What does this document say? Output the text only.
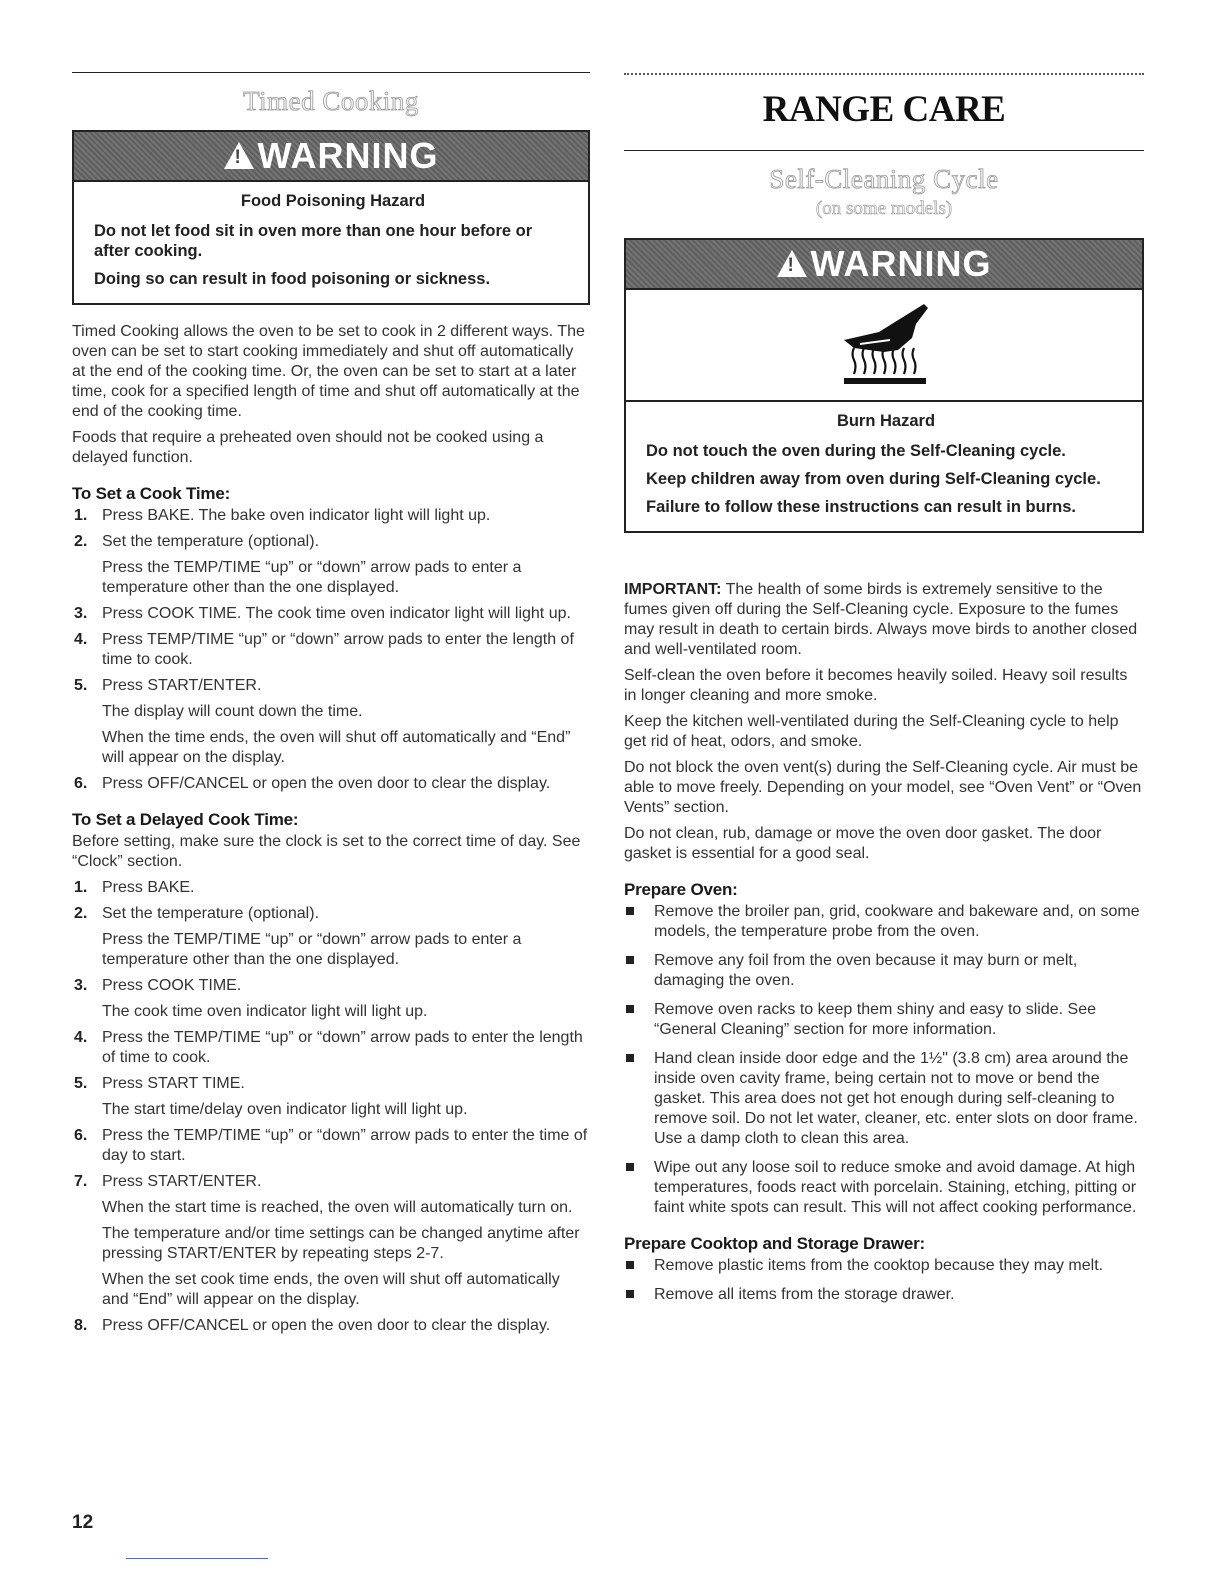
Timed Cooking
!
WARNING
Food Poisoning Hazard

Do not let food sit in oven more than one hour before or after cooking.

Doing so can result in food poisoning or sickness.

Timed Cooking allows the oven to be set to cook in 2 different ways. The oven can be set to start cooking immediately and shut off automatically at the end of the cooking time. Or, the oven can be set to start at a later time, cook for a specified length of time and shut off automatically at the end of the cooking time.

Foods that require a preheated oven should not be cooked using a delayed function.

To Set a Cook Time:
1. Press BAKE. The bake oven indicator light will light up.
2. Set the temperature (optional).
Press the TEMP/TIME “up” or “down” arrow pads to enter a temperature other than the one displayed.
3. Press COOK TIME. The cook time oven indicator light will light up.
4. Press TEMP/TIME “up” or “down” arrow pads to enter the length of time to cook.
5. Press START/ENTER.
The display will count down the time.
When the time ends, the oven will shut off automatically and “End” will appear on the display.
6. Press OFF/CANCEL or open the oven door to clear the display.
To Set a Delayed Cook Time:

Before setting, make sure the clock is set to the correct time of day. See “Clock” section.

1. Press BAKE.
2. Set the temperature (optional).
Press the TEMP/TIME “up” or “down” arrow pads to enter a temperature other than the one displayed.
3. Press COOK TIME.
The cook time oven indicator light will light up.
4. Press the TEMP/TIME “up” or “down” arrow pads to enter the length of time to cook.
5. Press START TIME.
The start time/delay oven indicator light will light up.
6. Press the TEMP/TIME “up” or “down” arrow pads to enter the time of day to start.
7. Press START/ENTER.
When the start time is reached, the oven will automatically turn on.
The temperature and/or time settings can be changed anytime after pressing START/ENTER by repeating steps 2-7.
When the set cook time ends, the oven will shut off automatically and “End” will appear on the display.
8. Press OFF/CANCEL or open the oven door to clear the display.
RANGE CARE
Self-Cleaning Cycle
(on some models)
!
WARNING
Burn Hazard

Do not touch the oven during the Self-Cleaning cycle.

Keep children away from oven during Self-Cleaning cycle.

Failure to follow these instructions can result in burns.

IMPORTANT: The health of some birds is extremely sensitive to the fumes given off during the Self-Cleaning cycle. Exposure to the fumes may result in death to certain birds. Always move birds to another closed and well-ventilated room.

Self-clean the oven before it becomes heavily soiled. Heavy soil results in longer cleaning and more smoke.

Keep the kitchen well-ventilated during the Self-Cleaning cycle to help get rid of heat, odors, and smoke.

Do not block the oven vent(s) during the Self-Cleaning cycle. Air must be able to move freely. Depending on your model, see “Oven Vent” or “Oven Vents” section.

Do not clean, rub, damage or move the oven door gasket. The door gasket is essential for a good seal.

Prepare Oven:
Remove the broiler pan, grid, cookware and bakeware and, on some models, the temperature probe from the oven.
Remove any foil from the oven because it may burn or melt, damaging the oven.
Remove oven racks to keep them shiny and easy to slide. See “General Cleaning” section for more information.
Hand clean inside door edge and the 1½" (3.8 cm) area around the inside oven cavity frame, being certain not to move or bend the gasket. This area does not get hot enough during self-cleaning to remove soil. Do not let water, cleaner, etc. enter slots on door frame. Use a damp cloth to clean this area.
Wipe out any loose soil to reduce smoke and avoid damage. At high temperatures, foods react with porcelain. Staining, etching, pitting or faint white spots can result. This will not affect cooking performance.
Prepare Cooktop and Storage Drawer:
Remove plastic items from the cooktop because they may melt.
Remove all items from the storage drawer.
12
